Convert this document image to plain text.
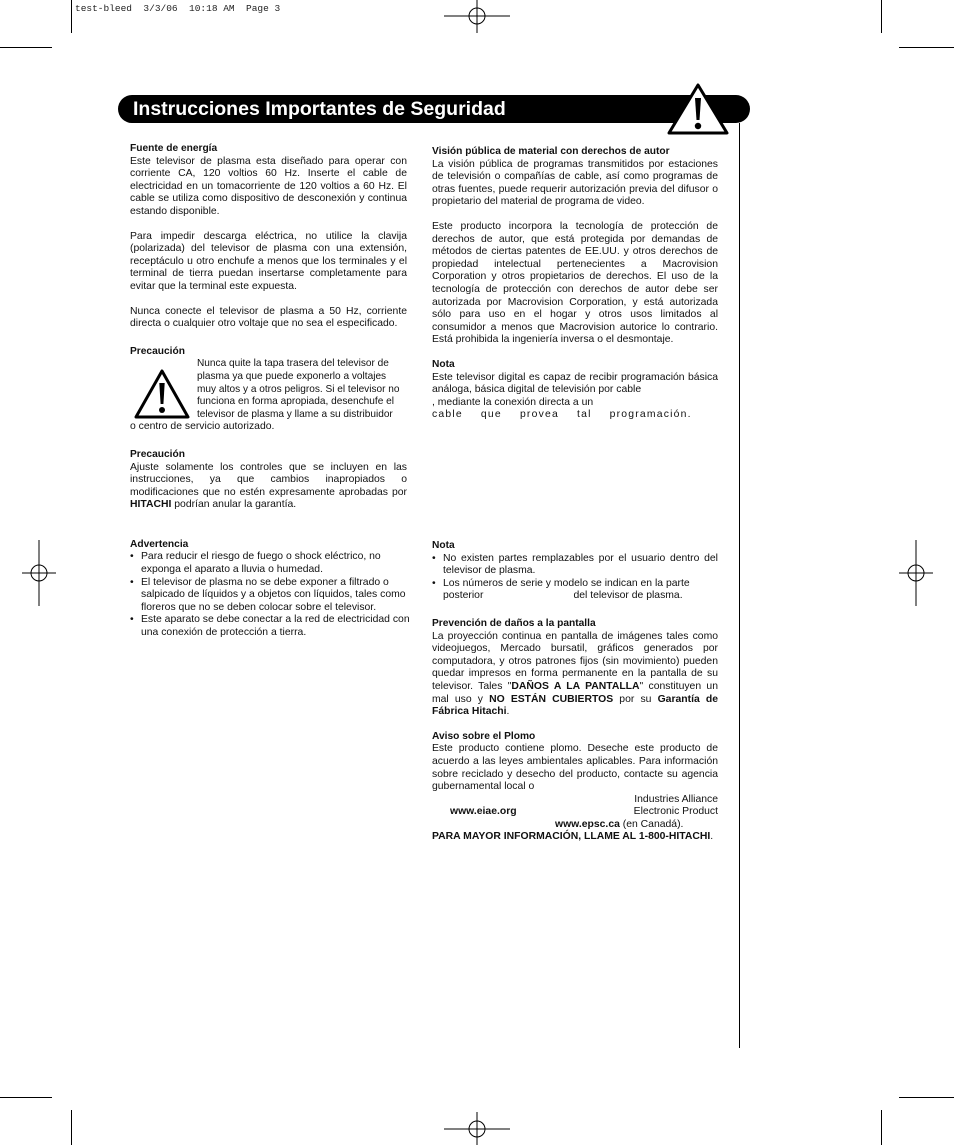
test-bleed  3/3/06  10:18 AM  Page 3
Instrucciones Importantes de Seguridad

Fuente de energía

Este televisor de plasma esta diseñado para operar con corriente CA, 120 voltios 60 Hz. Inserte el cable de electricidad en un tomacorriente de 120 voltios a 60 Hz. El cable se utiliza como dispositivo de desconexión y continua estando disponible.

Para impedir descarga eléctrica, no utilice la clavija (polarizada) del televisor de plasma con una extensión, receptáculo u otro enchufe a menos que los terminales y el terminal de tierra puedan insertarse completamente para evitar que la terminal este expuesta.

Nunca conecte el televisor de plasma a 50 Hz, corriente directa o cualquier otro voltaje que no sea el especificado.

Precaución

Nunca quite la tapa trasera del televisor de plasma ya que puede exponerlo a voltajes muy altos y a otros peligros. Si el televisor no funciona en forma apropiada, desenchufe el televisor de plasma y llame a su distribuidor

o centro de servicio autorizado.

Precaución

Ajuste solamente los controles que se incluyen en las instrucciones, ya que cambios inapropiados o modificaciones que no estén expresamente aprobadas por HITACHI podrían anular la garantía.

Advertencia

• Para reducir el riesgo de fuego o shock eléctrico, no exponga el aparato a lluvia o humedad.
• El televisor de plasma no se debe exponer a filtrado o salpicado de líquidos y a objetos con líquidos, tales como floreros que no se deben colocar sobre el televisor.
• Este aparato se debe conectar a la red de electricidad con una conexión de protección a tierra.

Visión pública de material con derechos de autor

La visión pública de programas transmitidos por estaciones de televisión o compañías de cable, así como programas de otras fuentes, puede requerir autorización previa del difusor o propietario del material de programa de video.

Este producto incorpora la tecnología de protección de derechos de autor, que está protegida por demandas de métodos de ciertas patentes de EE.UU. y otros derechos de propiedad intelectual pertenecientes a Macrovision Corporation y otros propietarios de derechos. El uso de la tecnología de protección con derechos de autor debe ser autorizada por Macrovision Corporation, y está autorizada sólo para uso en el hogar y otros usos limitados al consumidor a menos que Macrovision autorice lo contrario. Está prohibida la ingeniería inversa o el desmontaje.

Nota

Este televisor digital es capaz de recibir programación básica análoga, básica digital de televisión por cable

, mediante la conexión directa a un

cable que provea tal programación.

Nota

• No existen partes remplazables por el usuario dentro del televisor de plasma.
• Los números de serie y modelo se indican en la parte
posterior	del televisor de plasma.

Prevención de daños a la pantalla

La proyección continua en pantalla de imágenes tales como videojuegos, Mercado bursatil, gráficos generados por computadora, y otros patrones fijos (sin movimiento) pueden quedar impresos en forma permanente en la pantalla de su televisor. Tales "DAÑOS A LA PANTALLA" constituyen un mal uso y NO ESTÁN CUBIERTOS por su Garantía de Fábrica Hitachi.

Aviso sobre el Plomo

Este producto contiene plomo. Deseche este producto de acuerdo a las leyes ambientales aplicables. Para información sobre reciclado y desecho del producto, contacte su agencia gubernamental local o

Industries Alliance

www.eiae.org	Electronic Product

www.epsc.ca (en Canadá).

PARA MAYOR INFORMACIÓN, LLAME AL 1-800-HITACHI.
